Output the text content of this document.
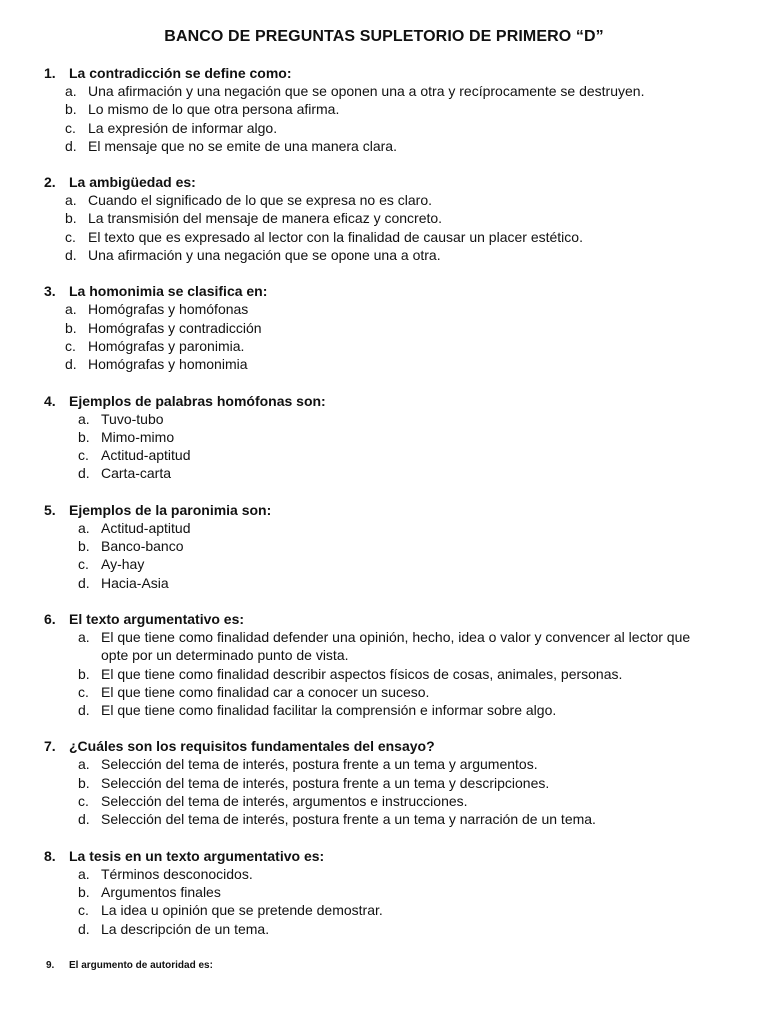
BANCO DE PREGUNTAS SUPLETORIO DE PRIMERO “D”
1. La contradicción se define como:
a. Una afirmación y una negación que se oponen una a otra y recíprocamente se destruyen.
b. Lo mismo de lo que otra persona afirma.
c. La expresión de informar algo.
d. El mensaje que no se emite de una manera clara.
2. La ambigüedad es:
a. Cuando el significado de lo que se expresa no es claro.
b. La transmisión del mensaje de manera eficaz y concreto.
c. El texto que es expresado al lector con la finalidad de causar un placer estético.
d. Una afirmación y una negación que se opone una a otra.
3. La homonimia se clasifica en:
a. Homógrafas y homófonas
b. Homógrafas y contradicción
c. Homógrafas y paronimia.
d. Homógrafas y homonimia
4. Ejemplos de palabras homófonas son:
a. Tuvo-tubo
b. Mimo-mimo
c. Actitud-aptitud
d. Carta-carta
5. Ejemplos de la paronimia son:
a. Actitud-aptitud
b. Banco-banco
c. Ay-hay
d. Hacia-Asia
6. El texto argumentativo es:
a. El que tiene como finalidad defender una opinión, hecho, idea o valor y convencer al lector que opte por un determinado punto de vista.
b. El que tiene como finalidad describir aspectos físicos de cosas, animales, personas.
c. El que tiene como finalidad car a conocer un suceso.
d. El que tiene como finalidad facilitar la comprensión e informar sobre algo.
7. ¿Cuáles son los requisitos fundamentales del ensayo?
a. Selección del tema de interés, postura frente a un tema y argumentos.
b. Selección del tema de interés, postura frente a un tema y descripciones.
c. Selección del tema de interés, argumentos e instrucciones.
d. Selección del tema de interés, postura frente a un tema y narración de un tema.
8. La tesis en un texto argumentativo es:
a. Términos desconocidos.
b. Argumentos finales
c. La idea u opinión que se pretende demostrar.
d. La descripción de un tema.
9. El argumento de autoridad es:
